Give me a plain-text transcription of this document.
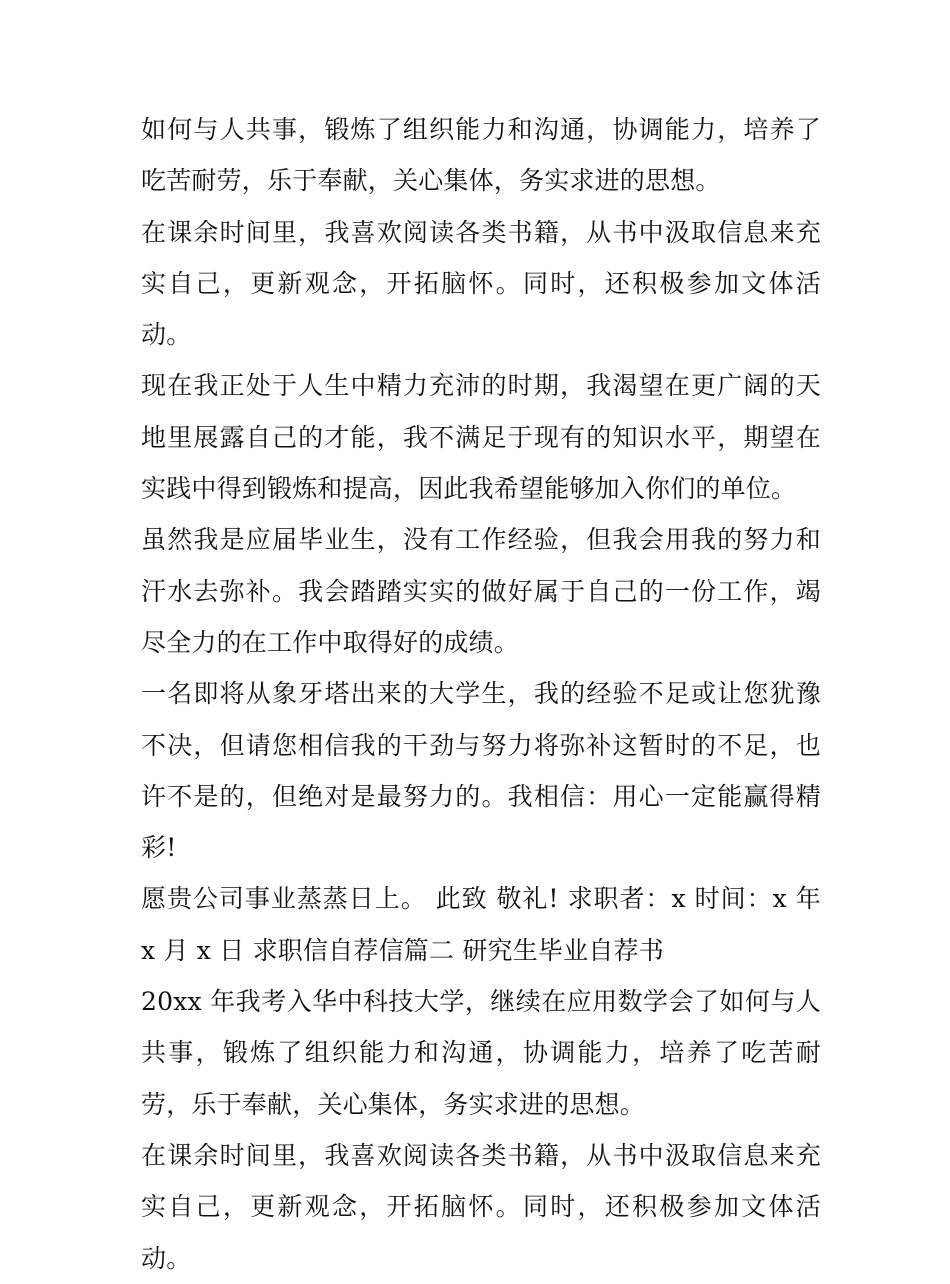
如何与人共事，锻炼了组织能力和沟通，协调能力，培养了吃苦耐劳，乐于奉献，关心集体，务实求进的思想。

在课余时间里，我喜欢阅读各类书籍，从书中汲取信息来充实自己，更新观念，开拓脑怀。同时，还积极参加文体活动。

现在我正处于人生中精力充沛的时期，我渴望在更广阔的天地里展露自己的才能，我不满足于现有的知识水平，期望在实践中得到锻炼和提高，因此我希望能够加入你们的单位。

虽然我是应届毕业生，没有工作经验，但我会用我的努力和汗水去弥补。我会踏踏实实的做好属于自己的一份工作，竭尽全力的在工作中取得好的成绩。

一名即将从象牙塔出来的大学生，我的经验不足或让您犹豫不决，但请您相信我的干劲与努力将弥补这暂时的不足，也许不是的，但绝对是最努力的。我相信：用心一定能赢得精彩!

愿贵公司事业蒸蒸日上。 此致 敬礼! 求职者：x 时间：x 年 x 月 x 日 求职信自荐信篇二 研究生毕业自荐书

20xx 年我考入华中科技大学，继续在应用数学会了如何与人共事，锻炼了组织能力和沟通，协调能力，培养了吃苦耐劳，乐于奉献，关心集体，务实求进的思想。

在课余时间里，我喜欢阅读各类书籍，从书中汲取信息来充实自己，更新观念，开拓脑怀。同时，还积极参加文体活动。
